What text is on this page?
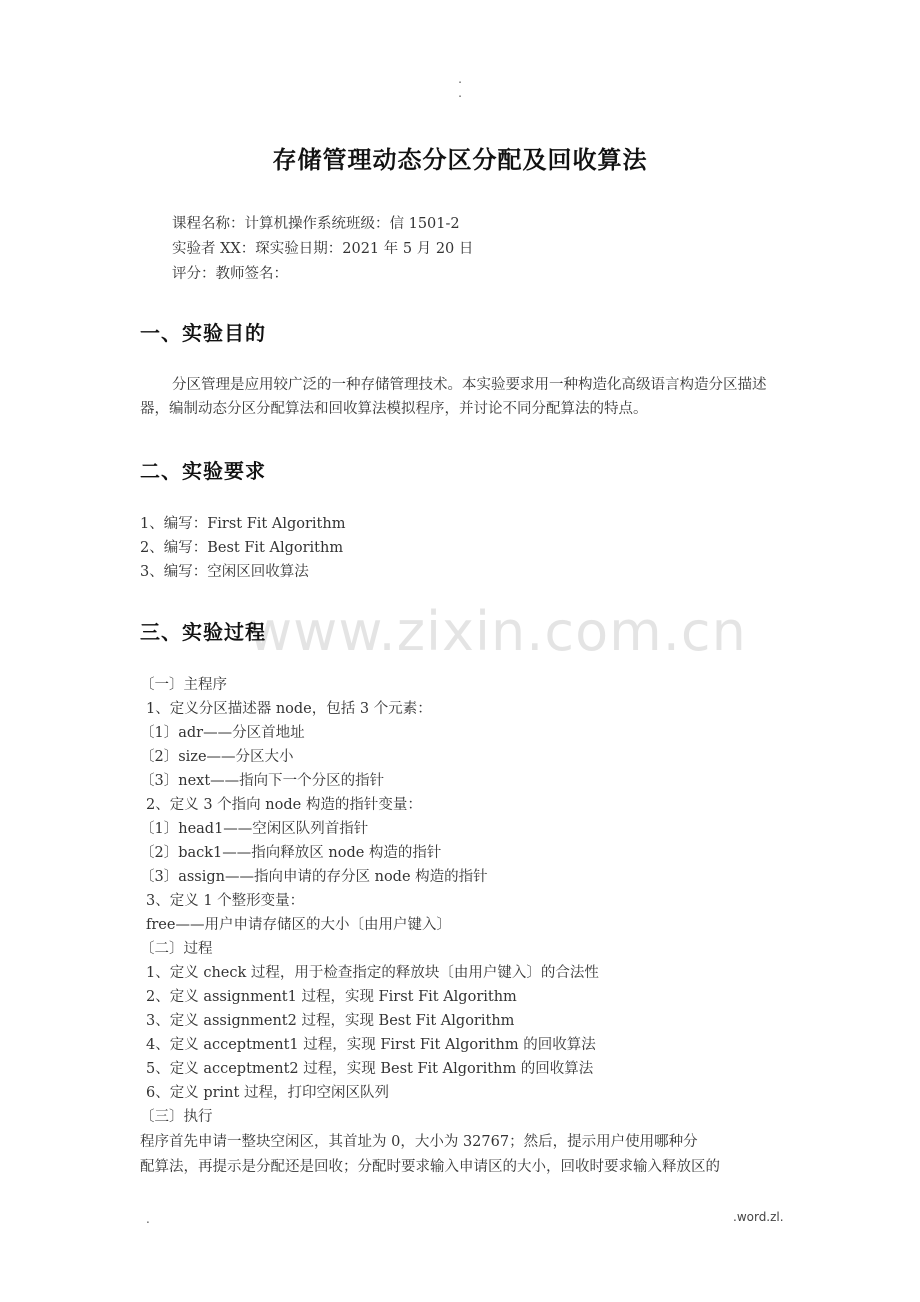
.
.
存储管理动态分区分配及回收算法
课程名称：计算机操作系统班级：信 1501-2
实验者 XX：琛实验日期：2021 年 5 月 20 日
评分：教师签名：
一、实验目的

分区管理是应用较广泛的一种存储管理技术。本实验要求用一种构造化高级语言构造分区描述器，编制动态分区分配算法和回收算法模拟程序，并讨论不同分配算法的特点。

二、实验要求
1、编写：First Fit Algorithm
2、编写：Best Fit Algorithm
3、编写：空闲区回收算法
www.zixin.com.cn
三、实验过程
〔一〕主程序
1、定义分区描述器 node，包括 3 个元素：
〔1〕adr——分区首地址
〔2〕size——分区大小
〔3〕next——指向下一个分区的指针
2、定义 3 个指向 node 构造的指针变量：
〔1〕head1——空闲区队列首指针
〔2〕back1——指向释放区 node 构造的指针
〔3〕assign——指向申请的存分区 node 构造的指针
3、定义 1 个整形变量：
free——用户申请存储区的大小〔由用户键入〕
〔二〕过程
1、定义 check 过程，用于检查指定的释放块〔由用户键入〕的合法性
2、定义 assignment1 过程，实现 First Fit Algorithm
3、定义 assignment2 过程，实现 Best Fit Algorithm
4、定义 acceptment1 过程，实现 First Fit Algorithm 的回收算法
5、定义 acceptment2 过程，实现 Best Fit Algorithm 的回收算法
6、定义 print 过程，打印空闲区队列
〔三〕执行
程序首先申请一整块空闲区，其首址为 0，大小为 32767；然后，提示用户使用哪种分
配算法，再提示是分配还是回收；分配时要求输入申请区的大小，回收时要求输入释放区的
.	.word.zl.
